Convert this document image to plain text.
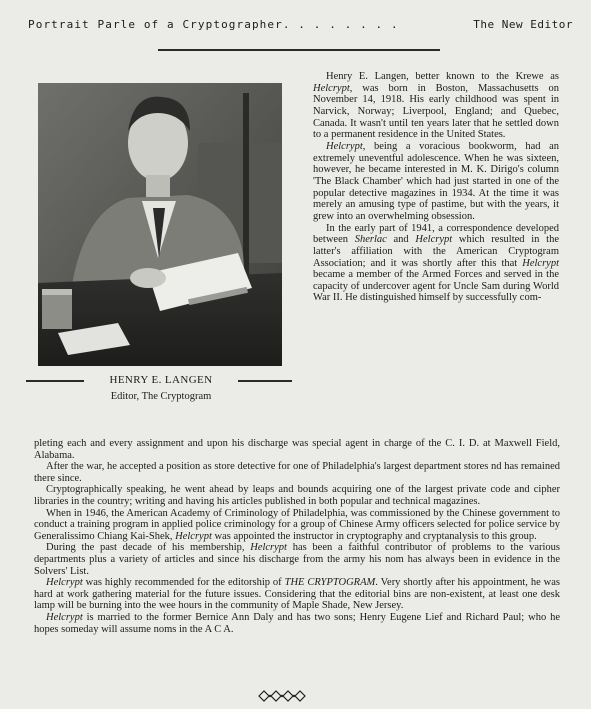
Portrait Parle of a Cryptographer. . . . . . . .	The New Editor
HENRY E. LANGEN
Editor, The Cryptogram

Henry E. Langen, better known to the Krewe as Helcrypt, was born in Boston, Massachusetts on November 14, 1918. His early childhood was spent in Narvick, Norway; Liverpool, England; and Quebec, Canada. It wasn't until ten years later that he settled down to a permanent residence in the United States.

Helcrypt, being a voracious bookworm, had an extremely uneventful adolescence. When he was sixteen, however, he became interested in M. K. Dirigo's column 'The Black Chamber' which had just started in one of the popular detective magazines in 1934. At the time it was merely an amusing type of pastime, but with the years, it grew into an overwhelming obsession.

In the early part of 1941, a correspondence developed between Sherlac and Helcrypt which resulted in the latter's affiliation with the American Cryptogram Association; and it was shortly after this that Helcrypt became a member of the Armed Forces and served in the capacity of undercover agent for Uncle Sam during World War II. He distinguished himself by successfully com-

pleting each and every assignment and upon his discharge was special agent in charge of the C. I. D. at Maxwell Field, Alabama.

After the war, he accepted a position as store detective for one of Philadelphia's largest department stores nd has remained there since.

Cryptographically speaking, he went ahead by leaps and bounds acquiring one of the largest private code and cipher libraries in the country; writing and having his articles published in both popular and technical magazines.

When in 1946, the American Academy of Criminology of Philadelphia, was commissioned by the Chinese government to conduct a training program in applied police criminology for a group of Chinese Army officers selected for police service by Generalissimo Chiang Kai-Shek, Helcrypt was appointed the instructor in cryptography and cryptanalysis to this group.

During the past decade of his membership, Helcrypt has been a faithful contributor of problems to the various departments plus a variety of articles and since his discharge from the army his nom has always been in evidence in the Solvers' List.

Helcrypt was highly recommended for the editorship of THE CRYPTOGRAM. Very shortly after his appointment, he was hard at work gathering material for the future issues. Considering that the editorial bins are non-existent, at least one desk lamp will be burning into the wee hours in the community of Maple Shade, New Jersey.

Helcrypt is married to the former Bernice Ann Daly and has two sons; Henry Eugene Lief and Richard Paul; who he hopes someday will assume noms in the A C A.
